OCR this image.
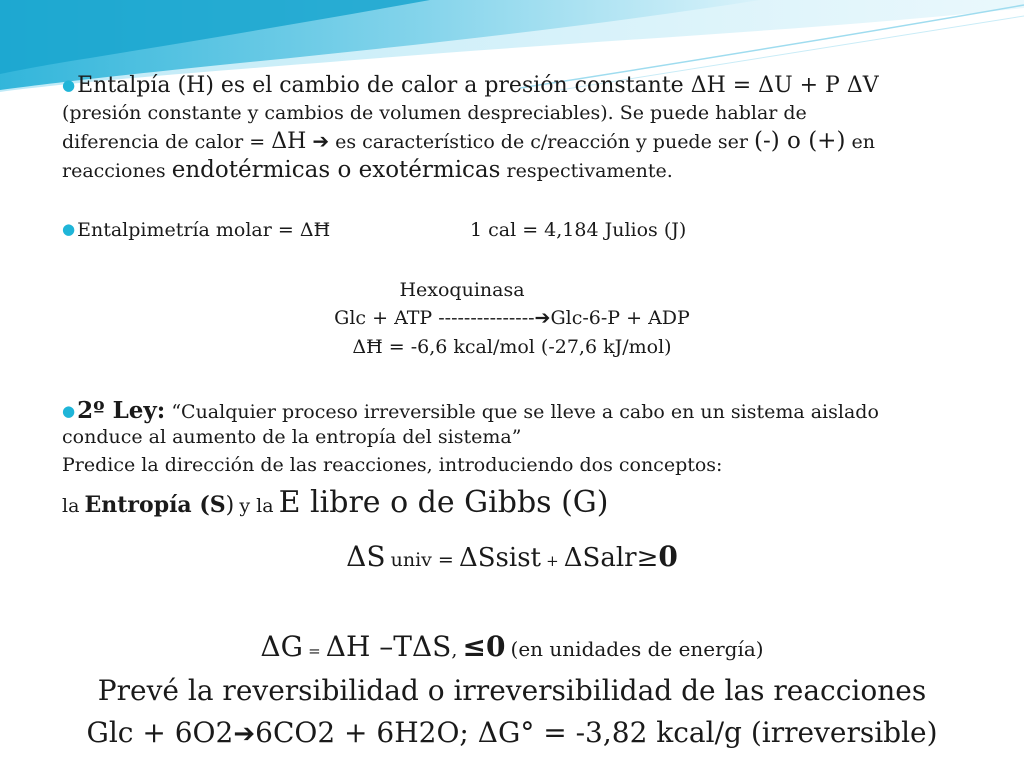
●Entalpía (H) es el cambio de calor a presión constante ΔH = ΔU + P ΔV
(presión constante y cambios de volumen despreciables). Se puede hablar de
diferencia de calor = ΔH ➔ es característico de c/reacción y puede ser (-) o (+) en
reacciones endotérmicas o exotérmicas respectivamente.
● Entalpimetría molar = ΔĦ	1 cal = 4,184 Julios (J)
Hexoquinasa
Glc + ATP ---------------➔Glc-6-P + ADP
ΔĦ = -6,6 kcal/mol (-27,6 kJ/mol)
●2º Ley: “Cualquier proceso irreversible que se lleve a cabo en un sistema aislado
conduce al aumento de la entropía del sistema”
Predice la dirección de las reacciones, introduciendo dos conceptos:
la Entropía (S) y la E libre o de Gibbs (G)
ΔS univ = ΔSsist + ΔSalr≥0
ΔG = ΔH –TΔS, ≤0 (en unidades de energía)
Prevé la reversibilidad o irreversibilidad de las reacciones
Glc + 6O2➔6CO2 + 6H2O; ΔG° = -3,82 kcal/g (irreversible)
